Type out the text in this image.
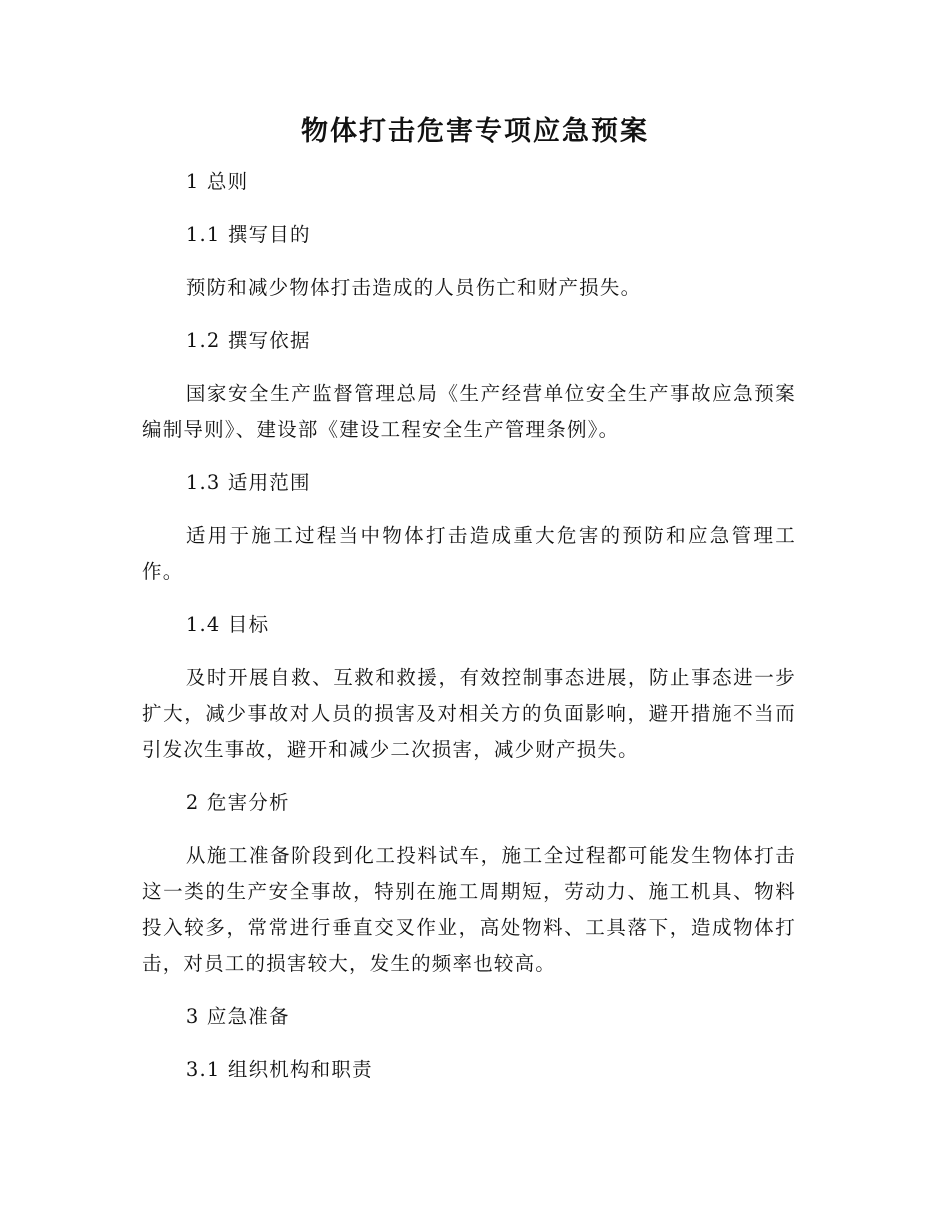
物体打击危害专项应急预案

1 总则

1.1 撰写目的

预防和减少物体打击造成的人员伤亡和财产损失。

1.2 撰写依据

国家安全生产监督管理总局《生产经营单位安全生产事故应急预案编制导则》、建设部《建设工程安全生产管理条例》。

1.3 适用范围

适用于施工过程当中物体打击造成重大危害的预防和应急管理工作。

1.4 目标

及时开展自救、互救和救援，有效控制事态进展，防止事态进一步扩大，减少事故对人员的损害及对相关方的负面影响，避开措施不当而引发次生事故，避开和减少二次损害，减少财产损失。

2 危害分析

从施工准备阶段到化工投料试车，施工全过程都可能发生物体打击这一类的生产安全事故，特别在施工周期短，劳动力、施工机具、物料投入较多，常常进行垂直交叉作业，高处物料、工具落下，造成物体打击，对员工的损害较大，发生的频率也较高。

3 应急准备

3.1 组织机构和职责
